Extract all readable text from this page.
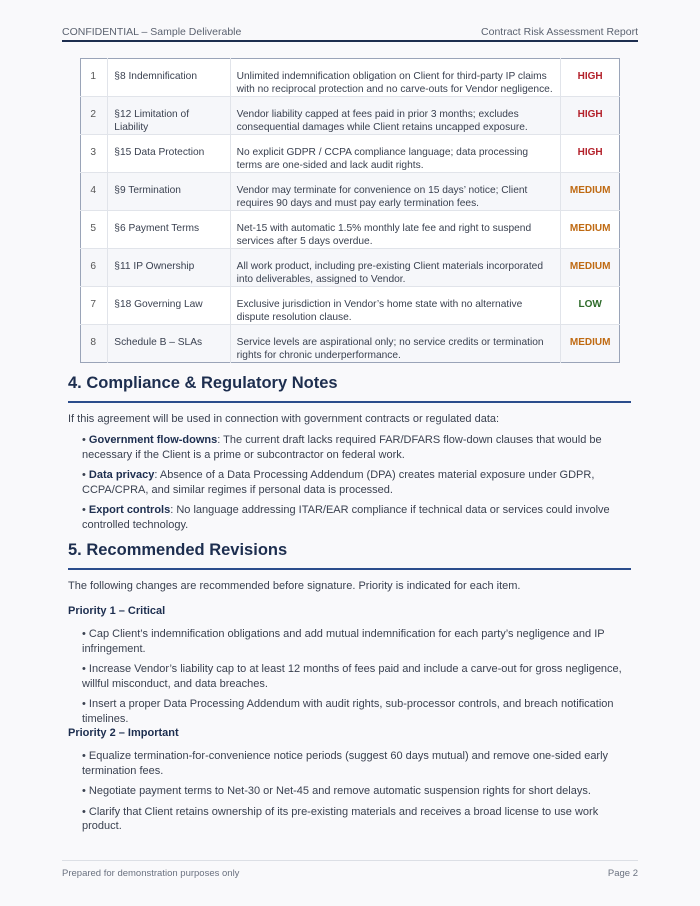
CONFIDENTIAL – Sample Deliverable	Contract Risk Assessment Report
1	§8 Indemnification	Unlimited indemnification obligation on Client for third-party IP claims with no reciprocal protection and no carve-outs for Vendor negligence.	HIGH
2	§12 Limitation of Liability	Vendor liability capped at fees paid in prior 3 months; excludes consequential damages while Client retains uncapped exposure.	HIGH
3	§15 Data Protection	No explicit GDPR / CCPA compliance language; data processing terms are one-sided and lack audit rights.	HIGH
4	§9 Termination	Vendor may terminate for convenience on 15 days’ notice; Client requires 90 days and must pay early termination fees.	MEDIUM
5	§6 Payment Terms	Net-15 with automatic 1.5% monthly late fee and right to suspend services after 5 days overdue.	MEDIUM
6	§11 IP Ownership	All work product, including pre-existing Client materials incorporated into deliverables, assigned to Vendor.	MEDIUM
7	§18 Governing Law	Exclusive jurisdiction in Vendor’s home state with no alternative dispute resolution clause.	LOW
8	Schedule B – SLAs	Service levels are aspirational only; no service credits or termination rights for chronic underperformance.	MEDIUM
4. Compliance & Regulatory Notes

If this agreement will be used in connection with government contracts or regulated data:

• Government flow-downs: The current draft lacks required FAR/DFARS flow-down clauses that would be necessary if the Client is a prime or subcontractor on federal work.
• Data privacy: Absence of a Data Processing Addendum (DPA) creates material exposure under GDPR, CCPA/CPRA, and similar regimes if personal data is processed.
• Export controls: No language addressing ITAR/EAR compliance if technical data or services could involve controlled technology.
5. Recommended Revisions

The following changes are recommended before signature. Priority is indicated for each item.

Priority 1 – Critical

• Cap Client’s indemnification obligations and add mutual indemnification for each party’s negligence and IP infringement.
• Increase Vendor’s liability cap to at least 12 months of fees paid and include a carve-out for gross negligence, willful misconduct, and data breaches.
• Insert a proper Data Processing Addendum with audit rights, sub-processor controls, and breach notification timelines.

Priority 2 – Important

• Equalize termination-for-convenience notice periods (suggest 60 days mutual) and remove one-sided early termination fees.
• Negotiate payment terms to Net-30 or Net-45 and remove automatic suspension rights for short delays.
• Clarify that Client retains ownership of its pre-existing materials and receives a broad license to use work product.
Prepared for demonstration purposes only	Page 2
